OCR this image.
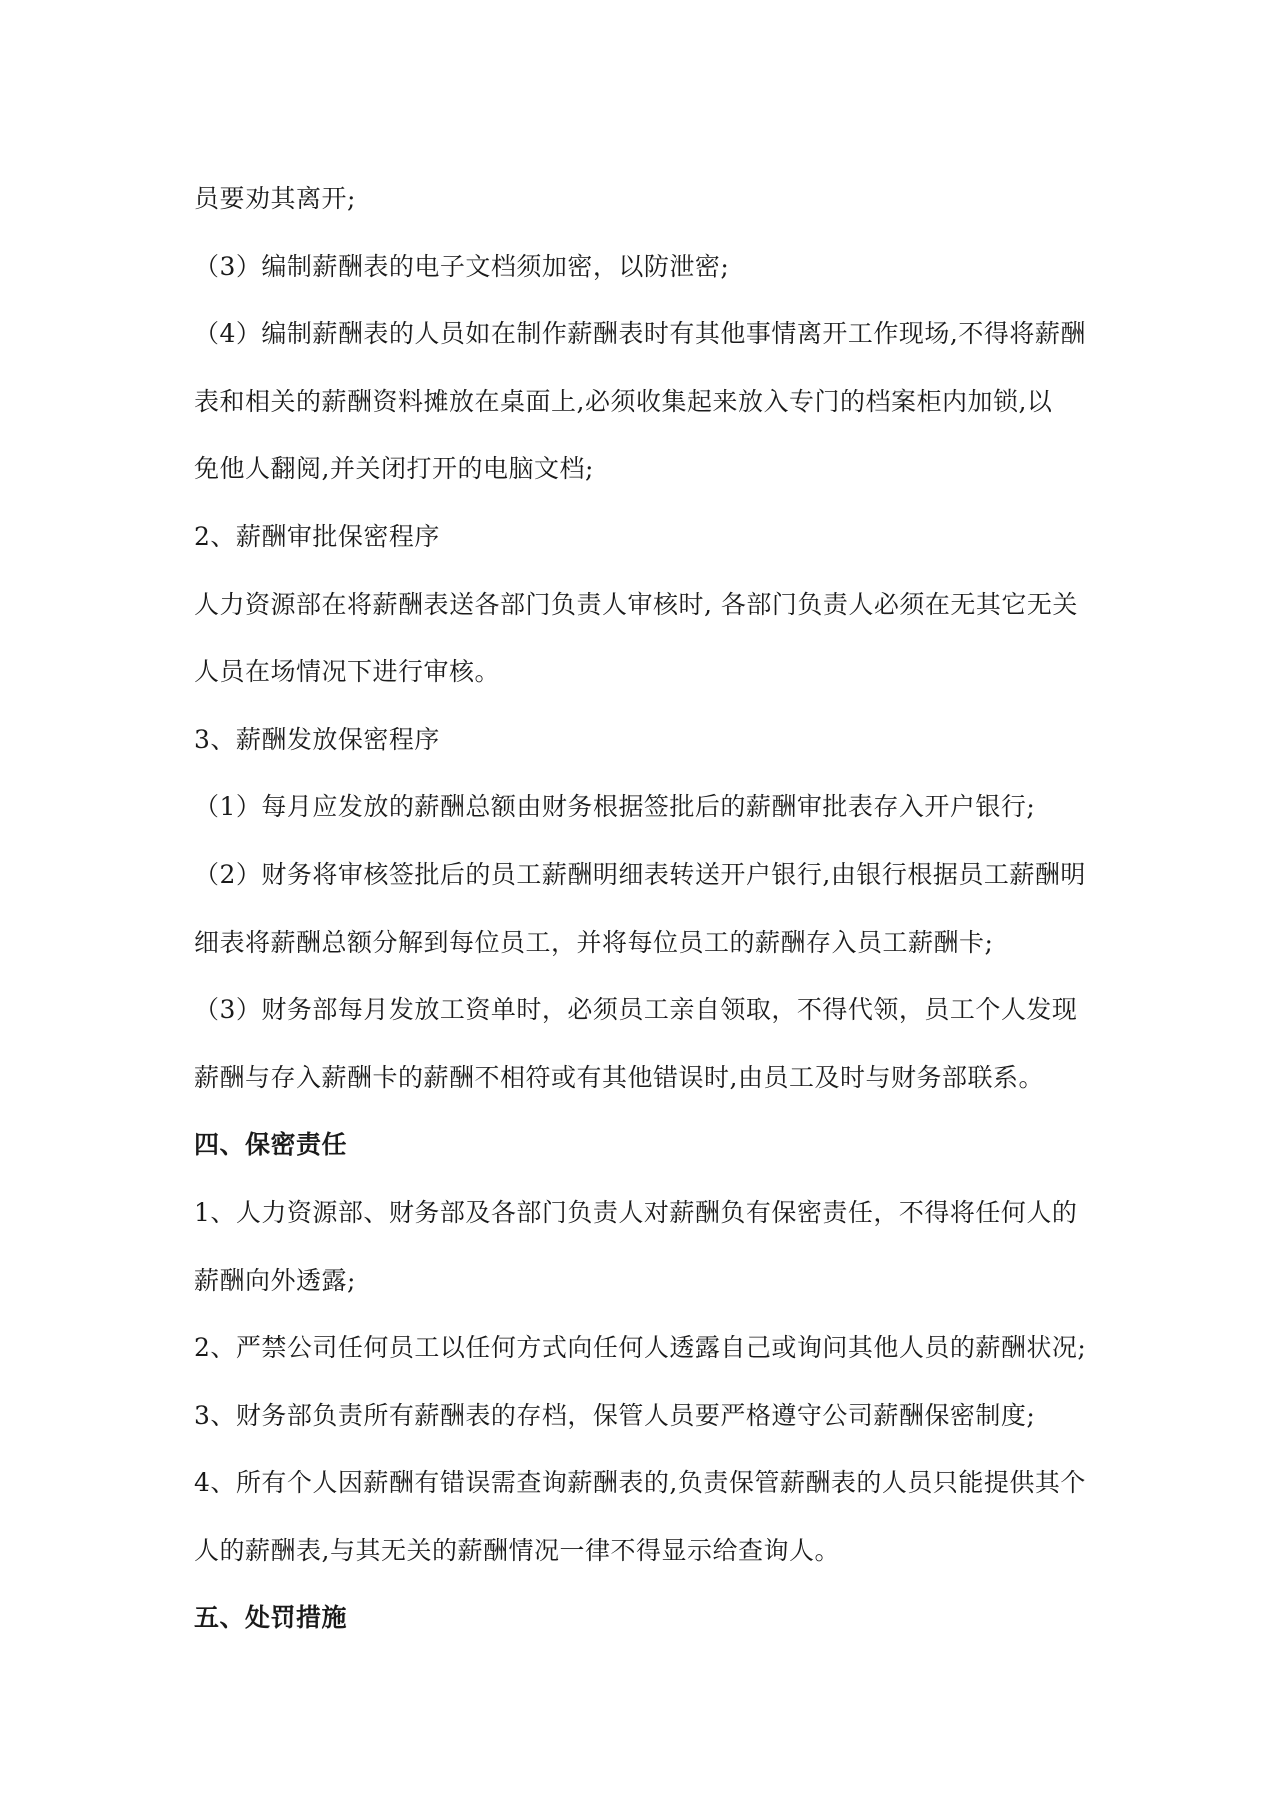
员要劝其离开;
（3）编制薪酬表的电子文档须加密，以防泄密;
（4）编制薪酬表的人员如在制作薪酬表时有其他事情离开工作现场,不得将薪酬
表和相关的薪酬资料摊放在桌面上,必须收集起来放入专门的档案柜内加锁,以
免他人翻阅,并关闭打开的电脑文档;
2、薪酬审批保密程序
人力资源部在将薪酬表送各部门负责人审核时, 各部门负责人必须在无其它无关
人员在场情况下进行审核。
3、薪酬发放保密程序
（1）每月应发放的薪酬总额由财务根据签批后的薪酬审批表存入开户银行;
（2）财务将审核签批后的员工薪酬明细表转送开户银行,由银行根据员工薪酬明
细表将薪酬总额分解到每位员工，并将每位员工的薪酬存入员工薪酬卡;
（3）财务部每月发放工资单时，必须员工亲自领取，不得代领，员工个人发现
薪酬与存入薪酬卡的薪酬不相符或有其他错误时,由员工及时与财务部联系。
四、保密责任
1、人力资源部、财务部及各部门负责人对薪酬负有保密责任，不得将任何人的
薪酬向外透露;
2、严禁公司任何员工以任何方式向任何人透露自己或询问其他人员的薪酬状况;
3、财务部负责所有薪酬表的存档，保管人员要严格遵守公司薪酬保密制度;
4、所有个人因薪酬有错误需查询薪酬表的,负责保管薪酬表的人员只能提供其个
人的薪酬表,与其无关的薪酬情况一律不得显示给查询人。
五、处罚措施
